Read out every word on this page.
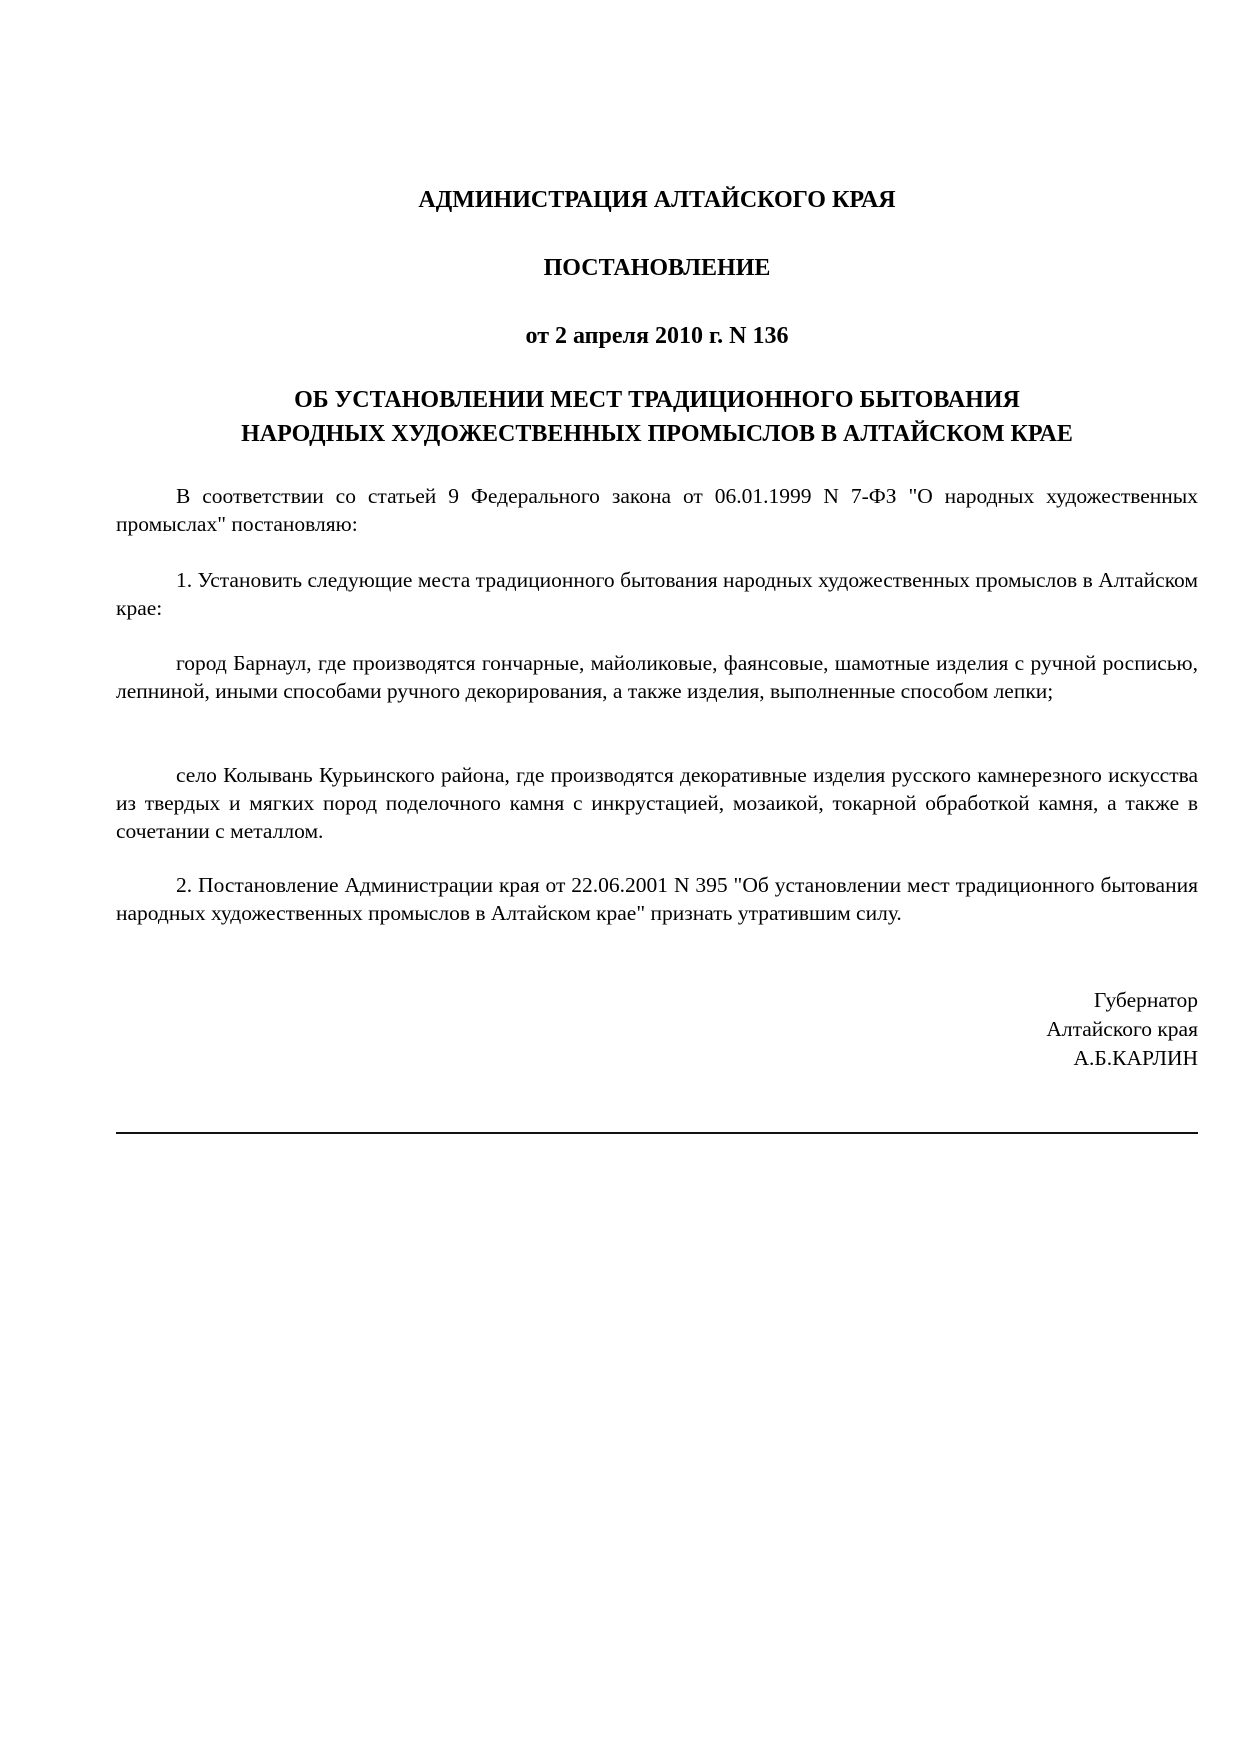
АДМИНИСТРАЦИЯ АЛТАЙСКОГО КРАЯ
ПОСТАНОВЛЕНИЕ
от 2 апреля 2010 г. N 136
ОБ УСТАНОВЛЕНИИ МЕСТ ТРАДИЦИОННОГО БЫТОВАНИЯ
НАРОДНЫХ ХУДОЖЕСТВЕННЫХ ПРОМЫСЛОВ В АЛТАЙСКОМ КРАЕ

В соответствии со статьей 9 Федерального закона от 06.01.1999 N 7-ФЗ "О народных художественных промыслах" постановляю:

1. Установить следующие места традиционного бытования народных художественных промыслов в Алтайском крае:

город Барнаул, где производятся гончарные, майоликовые, фаянсовые, шамотные изделия с ручной росписью, лепниной, иными способами ручного декорирования, а также изделия, выполненные способом лепки;

село Колывань Курьинского района, где производятся декоративные изделия русского камнерезного искусства из твердых и мягких пород поделочного камня с инкрустацией, мозаикой, токарной обработкой камня, а также в сочетании с металлом.

2. Постановление Администрации края от 22.06.2001 N 395 "Об установлении мест традиционного бытования народных художественных промыслов в Алтайском крае" признать утратившим силу.

Губернатор
Алтайского края
А.Б.КАРЛИН
